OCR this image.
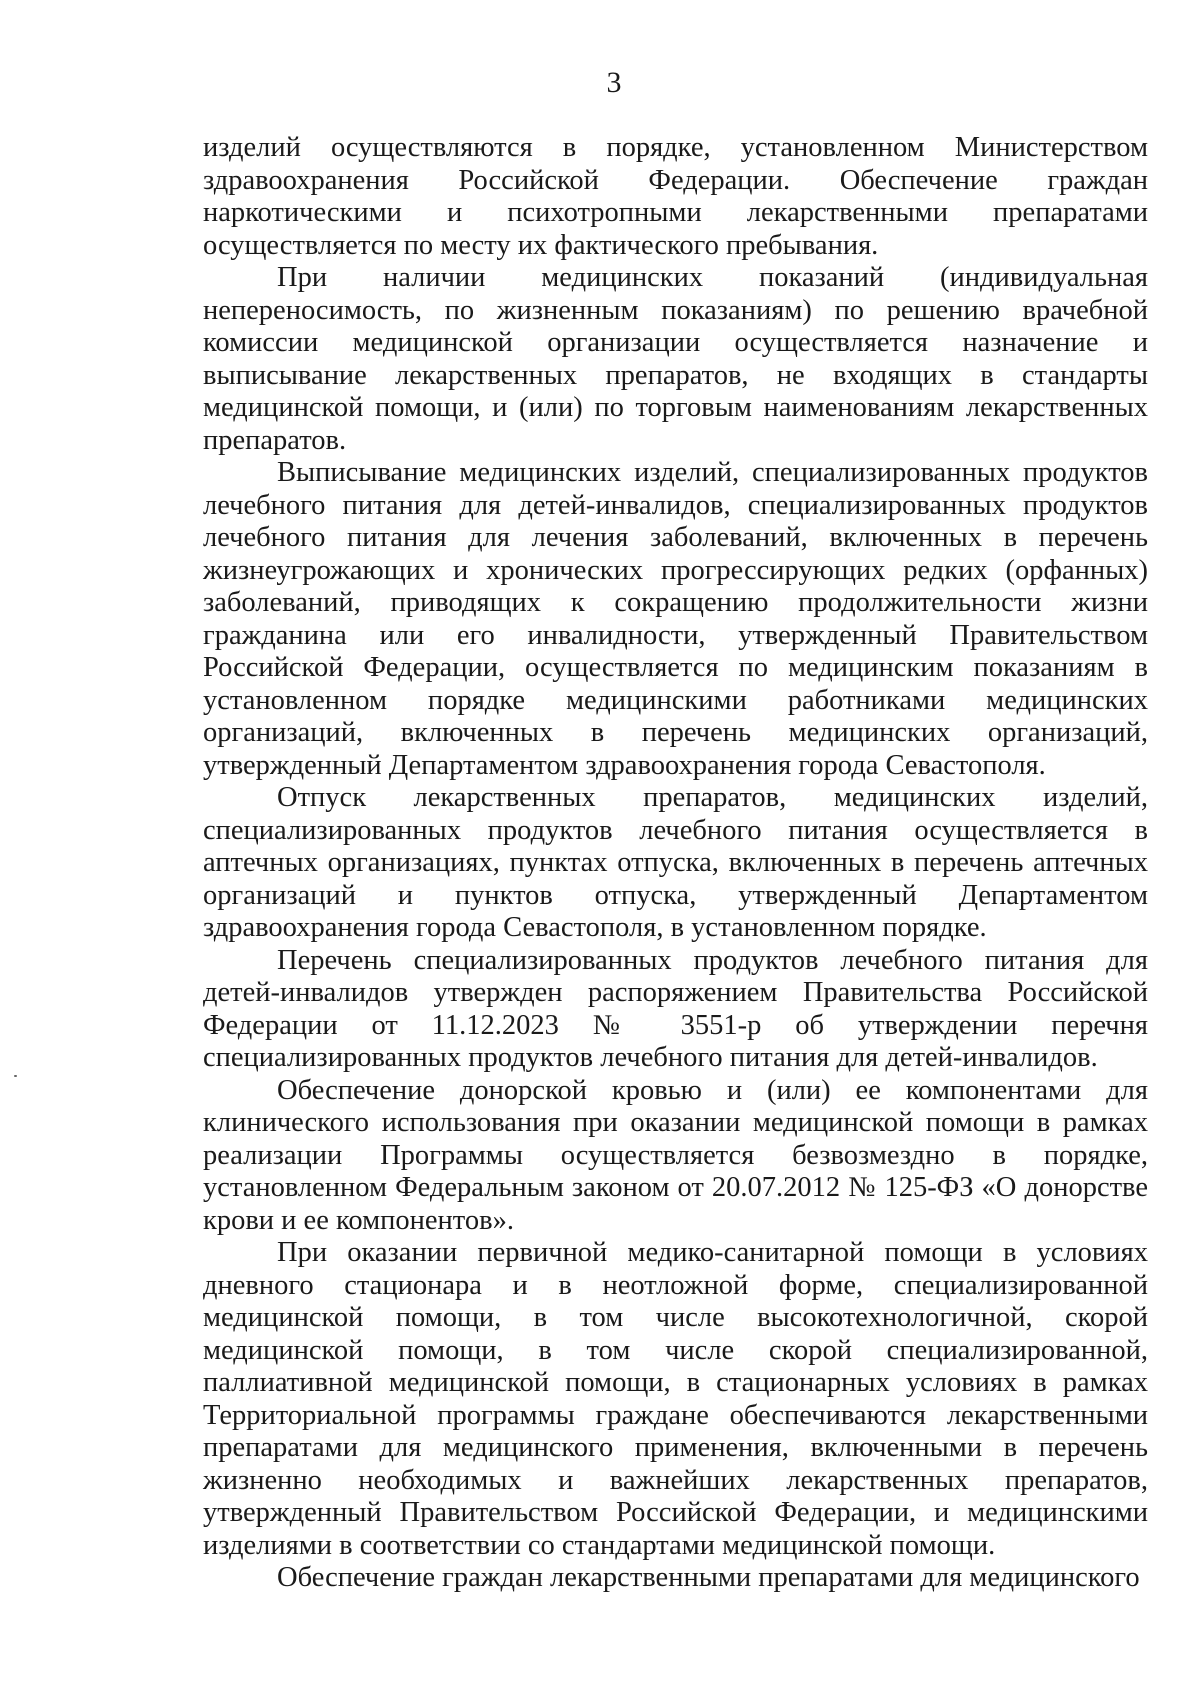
3

изделий осуществляются в порядке, установленном Министерством здравоохранения Российской Федерации. Обеспечение граждан наркотическими и психотропными лекарственными препаратами осуществляется по месту их фактического пребывания.

При наличии медицинских показаний (индивидуальная непереносимость, по жизненным показаниям) по решению врачебной комиссии медицинской организации осуществляется назначение и выписывание лекарственных препаратов, не входящих в стандарты медицинской помощи, и (или) по торговым наименованиям лекарственных препаратов.

Выписывание медицинских изделий, специализированных продуктов лечебного питания для детей-инвалидов, специализированных продуктов лечебного питания для лечения заболеваний, включенных в перечень жизнеугрожающих и хронических прогрессирующих редких (орфанных) заболеваний, приводящих к сокращению продолжительности жизни гражданина или его инвалидности, утвержденный Правительством Российской Федерации, осуществляется по медицинским показаниям в установленном порядке медицинскими работниками медицинских организаций, включенных в перечень медицинских организаций, утвержденный Департаментом здравоохранения города Севастополя.

Отпуск лекарственных препаратов, медицинских изделий, специализированных продуктов лечебного питания осуществляется в аптечных организациях, пунктах отпуска, включенных в перечень аптечных организаций и пунктов отпуска, утвержденный Департаментом здравоохранения города Севастополя, в установленном порядке.

Перечень специализированных продуктов лечебного питания для детей-инвалидов утвержден распоряжением Правительства Российской Федерации от 11.12.2023 № 3551-р об утверждении перечня специализированных продуктов лечебного питания для детей-инвалидов.

Обеспечение донорской кровью и (или) ее компонентами для клинического использования при оказании медицинской помощи в рамках реализации Программы осуществляется безвозмездно в порядке, установленном Федеральным законом от 20.07.2012 № 125-ФЗ «О донорстве крови и ее компонентов».

При оказании первичной медико-санитарной помощи в условиях дневного стационара и в неотложной форме, специализированной медицинской помощи, в том числе высокотехнологичной, скорой медицинской помощи, в том числе скорой специализированной, паллиативной медицинской помощи, в стационарных условиях в рамках Территориальной программы граждане обеспечиваются лекарственными препаратами для медицинского применения, включенными в перечень жизненно необходимых и важнейших лекарственных препаратов, утвержденный Правительством Российской Федерации, и медицинскими изделиями в соответствии со стандартами медицинской помощи.

Обеспечение граждан лекарственными препаратами для медицинского
